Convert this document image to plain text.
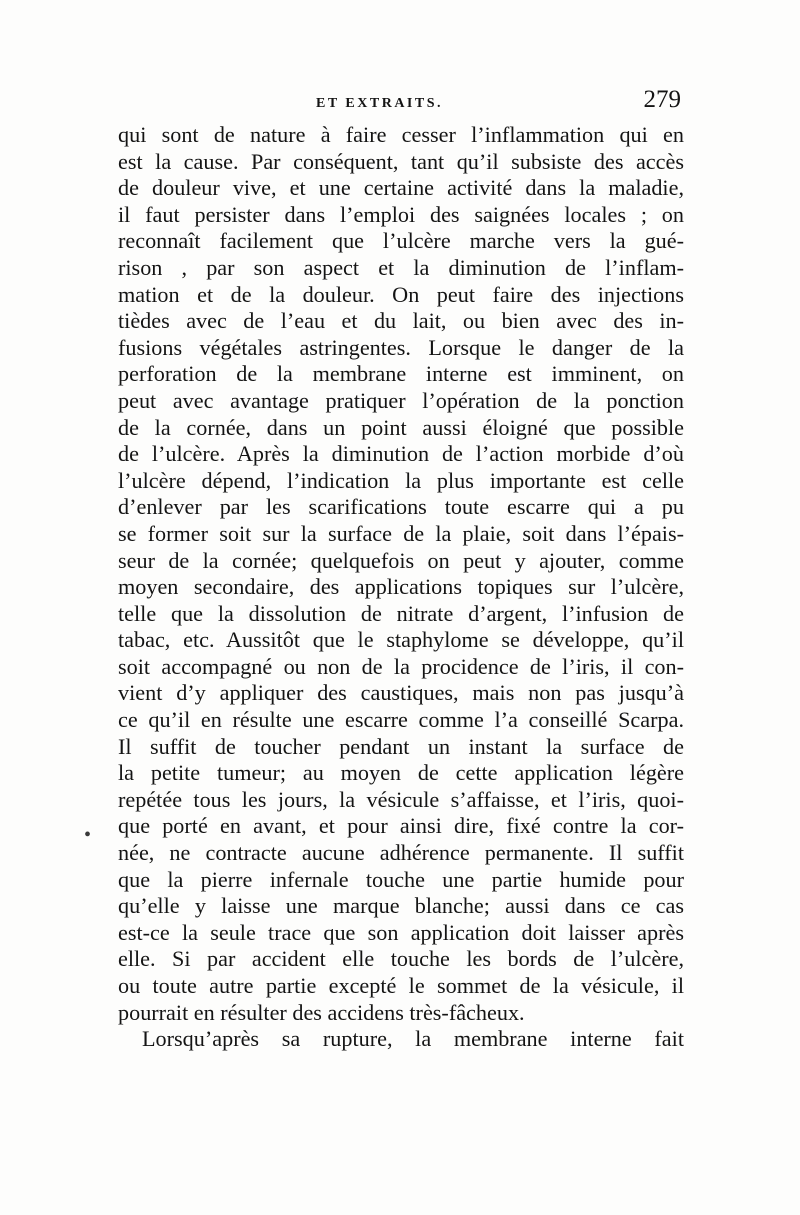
ET EXTRAITS.	279
•
qui sont de nature à faire cesser l’inflammation qui en
est la cause. Par conséquent, tant qu’il subsiste des accès
de douleur vive, et une certaine activité dans la maladie,
il faut persister dans l’emploi des saignées locales ; on
reconnaît facilement que l’ulcère marche vers la gué-
rison , par son aspect et la diminution de l’inflam-
mation et de la douleur. On peut faire des injections
tièdes avec de l’eau et du lait, ou bien avec des in-
fusions végétales astringentes. Lorsque le danger de la
perforation de la membrane interne est imminent, on
peut avec avantage pratiquer l’opération de la ponction
de la cornée, dans un point aussi éloigné que possible
de l’ulcère. Après la diminution de l’action morbide d’où
l’ulcère dépend, l’indication la plus importante est celle
d’enlever par les scarifications toute escarre qui a pu
se former soit sur la surface de la plaie, soit dans l’épais-
seur de la cornée; quelquefois on peut y ajouter, comme
moyen secondaire, des applications topiques sur l’ulcère,
telle que la dissolution de nitrate d’argent, l’infusion de
tabac, etc. Aussitôt que le staphylome se développe, qu’il
soit accompagné ou non de la procidence de l’iris, il con-
vient d’y appliquer des caustiques, mais non pas jusqu’à
ce qu’il en résulte une escarre comme l’a conseillé Scarpa.
Il suffit de toucher pendant un instant la surface de
la petite tumeur; au moyen de cette application légère
repétée tous les jours, la vésicule s’affaisse, et l’iris, quoi-
que porté en avant, et pour ainsi dire, fixé contre la cor-
née, ne contracte aucune adhérence permanente. Il suffit
que la pierre infernale touche une partie humide pour
qu’elle y laisse une marque blanche; aussi dans ce cas
est-ce la seule trace que son application doit laisser après
elle. Si par accident elle touche les bords de l’ulcère,
ou toute autre partie excepté le sommet de la vésicule, il
pourrait en résulter des accidens très-fâcheux.
Lorsqu’après sa rupture, la membrane interne fait
